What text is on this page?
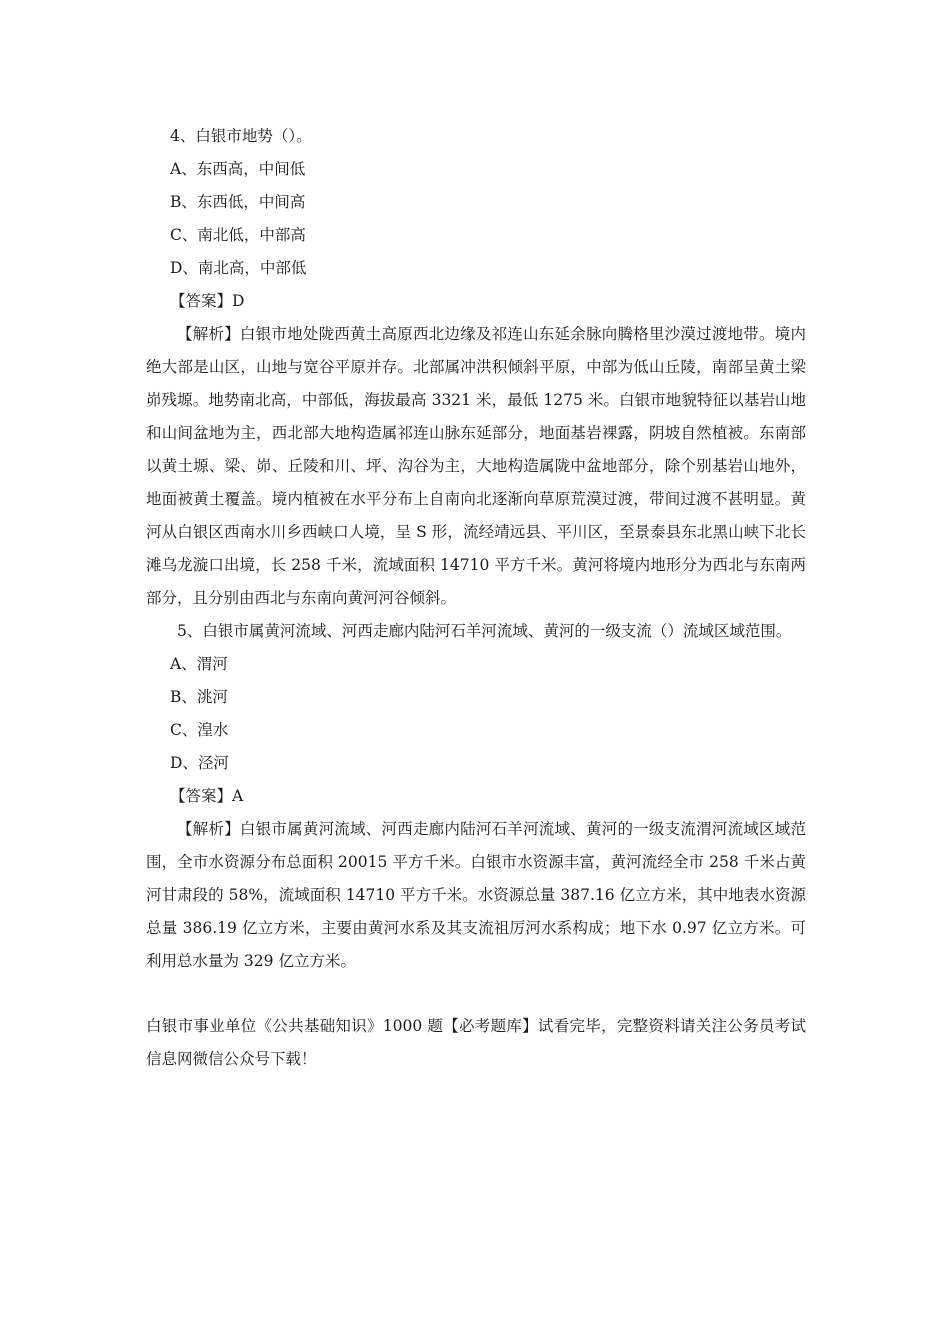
4、白银市地势（）。

A、东西高，中间低

B、东西低，中间高

C、南北低，中部高

D、南北高，中部低

【答案】D

【解析】白银市地处陇西黄土高原西北边缘及祁连山东延余脉向腾格里沙漠过渡地带。境内绝大部是山区，山地与宽谷平原并存。北部属冲洪积倾斜平原，中部为低山丘陵，南部呈黄土梁峁残塬。地势南北高，中部低，海拔最高 3321 米，最低 1275 米。白银市地貌特征以基岩山地和山间盆地为主，西北部大地构造属祁连山脉东延部分，地面基岩裸露，阴坡自然植被。东南部以黄土塬、梁、峁、丘陵和川、坪、沟谷为主，大地构造属陇中盆地部分，除个别基岩山地外，地面被黄土覆盖。境内植被在水平分布上自南向北逐渐向草原荒漠过渡，带间过渡不甚明显。黄河从白银区西南水川乡西峡口人境，呈 S 形，流经靖远县、平川区，至景泰县东北黑山峡下北长滩乌龙漩口出境，长 258 千米，流域面积 14710 平方千米。黄河将境内地形分为西北与东南两部分，且分别由西北与东南向黄河河谷倾斜。

5、白银市属黄河流域、河西走廊内陆河石羊河流域、黄河的一级支流（）流域区域范围。

A、渭河

B、洮河

C、湟水

D、泾河

【答案】A

【解析】白银市属黄河流域、河西走廊内陆河石羊河流域、黄河的一级支流渭河流域区域范围，全市水资源分布总面积 20015 平方千米。白银市水资源丰富，黄河流经全市 258 千米占黄河甘肃段的 58%，流域面积 14710 平方千米。水资源总量 387.16 亿立方米，其中地表水资源总量 386.19 亿立方米，主要由黄河水系及其支流祖厉河水系构成；地下水 0.97 亿立方米。可利用总水量为 329 亿立方米。

白银市事业单位《公共基础知识》1000 题【必考题库】试看完毕，完整资料请关注公务员考试信息网微信公众号下载！
